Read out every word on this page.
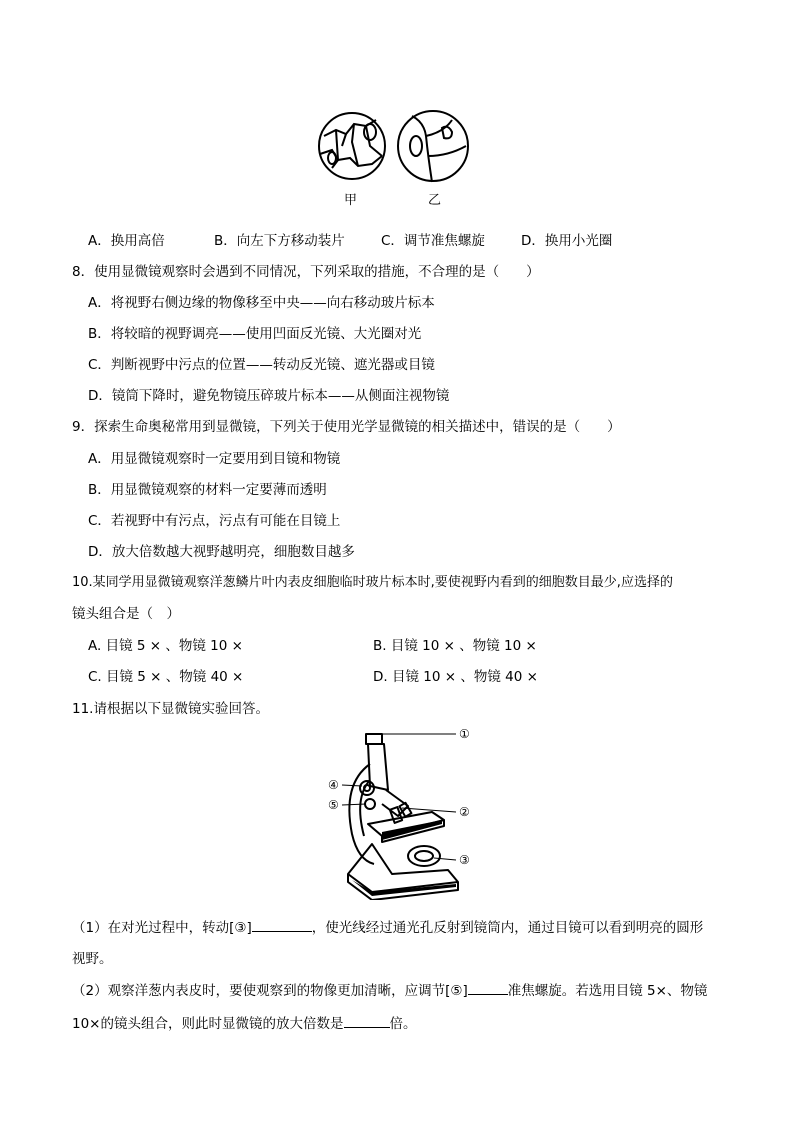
甲	乙
A．换用高倍	B．向左下方移动装片	C．调节准焦螺旋	D．换用小光圈
8．使用显微镜观察时会遇到不同情况，下列采取的措施，不合理的是（　　）
A．将视野右侧边缘的物像移至中央——向右移动玻片标本
B．将较暗的视野调亮——使用凹面反光镜、大光圈对光
C．判断视野中污点的位置——转动反光镜、遮光器或目镜
D．镜筒下降时，避免物镜压碎玻片标本——从侧面注视物镜
9．探索生命奥秘常用到显微镜，下列关于使用光学显微镜的相关描述中，错误的是（　　）
A．用显微镜观察时一定要用到目镜和物镜
B．用显微镜观察的材料一定要薄而透明
C．若视野中有污点，污点有可能在目镜上
D．放大倍数越大视野越明亮，细胞数目越多
10.某同学用显微镜观察洋葱鳞片叶内表皮细胞临时玻片标本时,要使视野内看到的细胞数目最少,应选择的
镜头组合是（　）
A. 目镜 5 × 、物镜 10 ×	B. 目镜 10 × 、物镜 10 ×
C. 目镜 5 × 、物镜 40 ×	D. 目镜 10 × 、物镜 40 ×
11.请根据以下显微镜实验回答。
①
②
③
④
⑤
（1）在对光过程中，转动[③]	，使光线经过通光孔反射到镜筒内，通过目镜可以看到明亮的圆形
视野。
（2）观察洋葱内表皮时，要使观察到的物像更加清晰，应调节[⑤]	准焦螺旋。若选用目镜 5×、物镜
10×的镜头组合，则此时显微镜的放大倍数是	倍。
